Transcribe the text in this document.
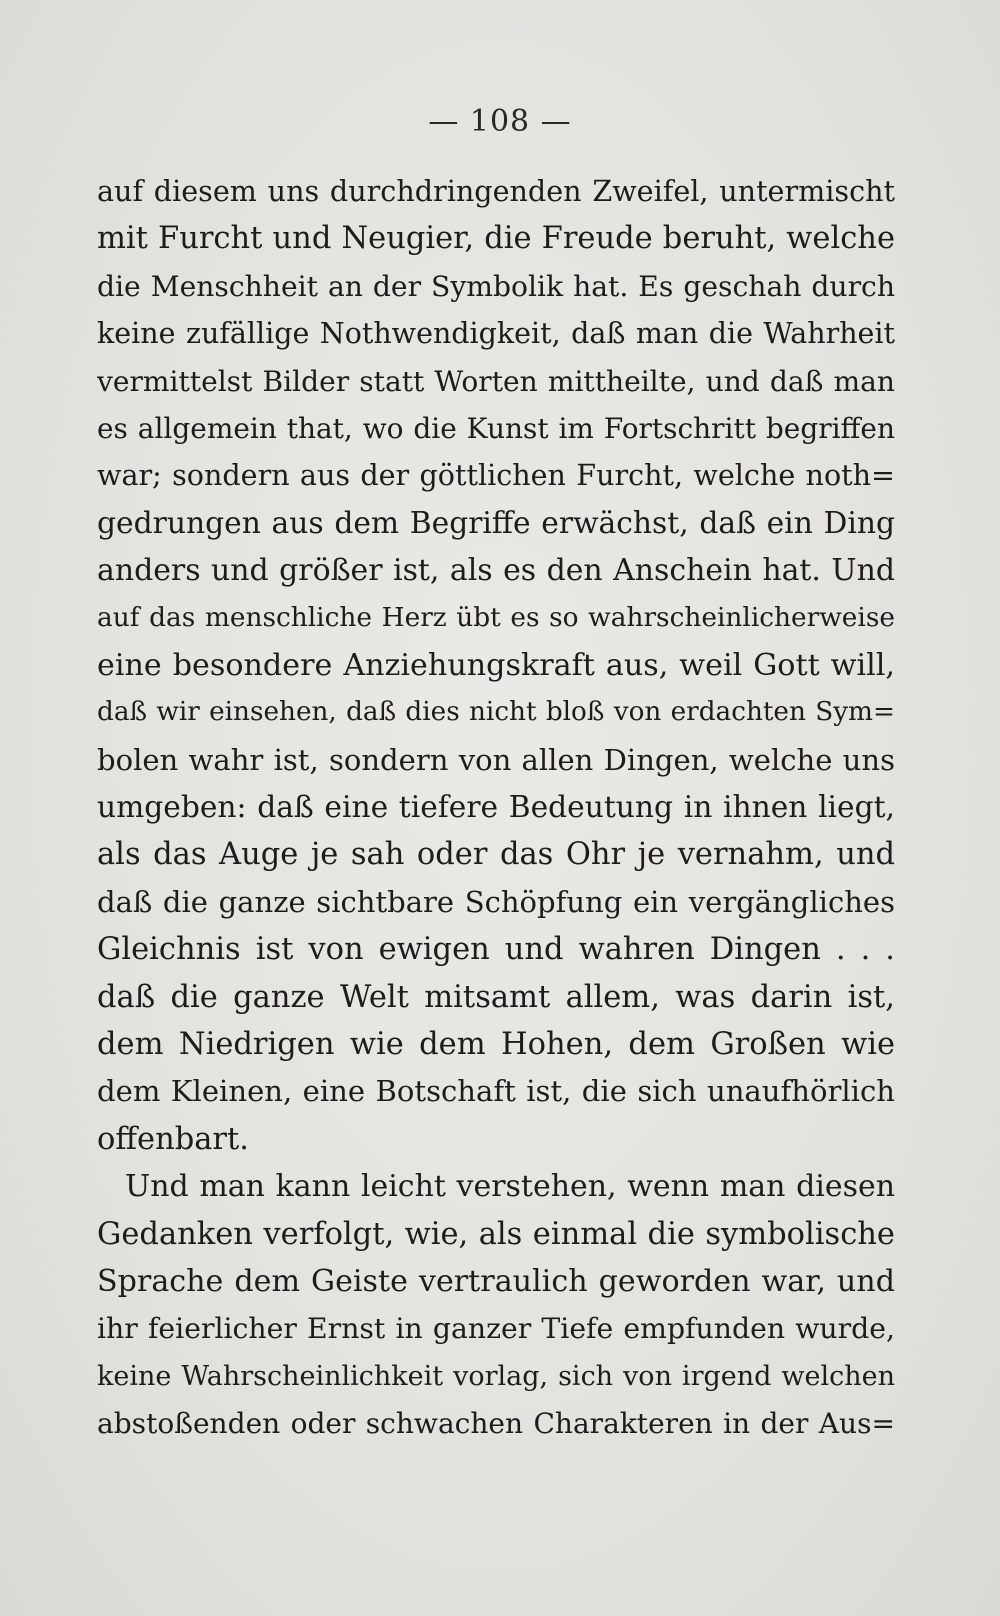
— 108 —
auf diesem uns durchdringenden Zweifel, untermischt
mit Furcht und Neugier, die Freude beruht, welche
die Menschheit an der Symbolik hat. Es geschah durch
keine zufällige Nothwendigkeit, daß man die Wahrheit
vermittelst Bilder statt Worten mittheilte, und daß man
es allgemein that, wo die Kunst im Fortschritt begriffen
war; sondern aus der göttlichen Furcht, welche noth=
gedrungen aus dem Begriffe erwächst, daß ein Ding
anders und größer ist, als es den Anschein hat. Und
auf das menschliche Herz übt es so wahrscheinlicherweise
eine besondere Anziehungskraft aus, weil Gott will,
daß wir einsehen, daß dies nicht bloß von erdachten Sym=
bolen wahr ist, sondern von allen Dingen, welche uns
umgeben: daß eine tiefere Bedeutung in ihnen liegt,
als das Auge je sah oder das Ohr je vernahm, und
daß die ganze sichtbare Schöpfung ein vergängliches
Gleichnis ist von ewigen und wahren Dingen . . .
daß die ganze Welt mitsamt allem, was darin ist,
dem Niedrigen wie dem Hohen, dem Großen wie
dem Kleinen, eine Botschaft ist, die sich unaufhörlich
offenbart.
Und man kann leicht verstehen, wenn man diesen
Gedanken verfolgt, wie, als einmal die symbolische
Sprache dem Geiste vertraulich geworden war, und
ihr feierlicher Ernst in ganzer Tiefe empfunden wurde,
keine Wahrscheinlichkeit vorlag, sich von irgend welchen
abstoßenden oder schwachen Charakteren in der Aus=
